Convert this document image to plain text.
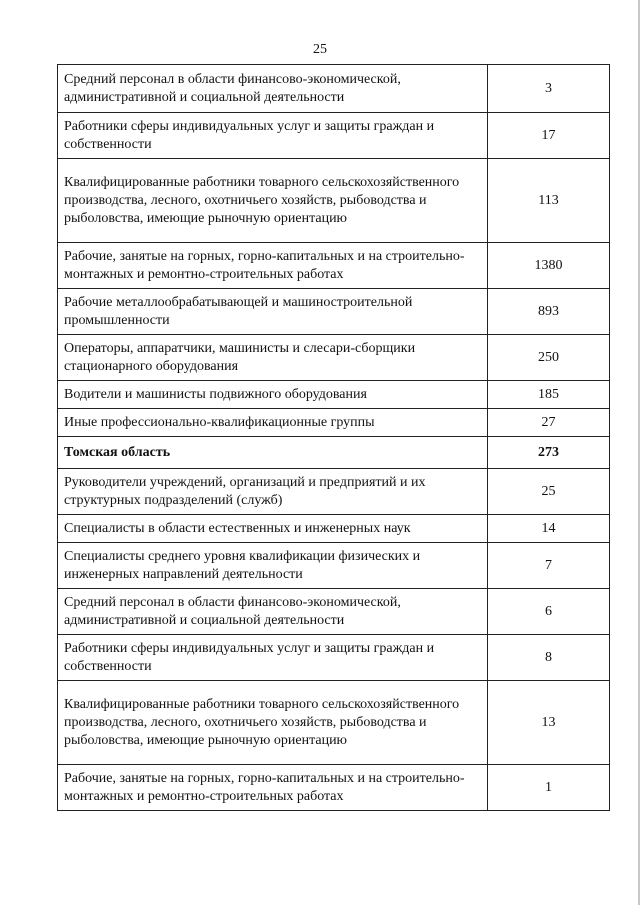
25
Средний персонал в области финансово-экономической, административной и социальной деятельности	3
Работники сферы индивидуальных услуг и защиты граждан и собственности	17
Квалифицированные работники товарного сельскохозяйственного производства, лесного, охотничьего хозяйств, рыбоводства и рыболовства, имеющие рыночную ориентацию	113
Рабочие, занятые на горных, горно-капитальных и на строительно-монтажных и ремонтно-строительных работах	1380
Рабочие металлообрабатывающей и машиностроительной промышленности	893
Операторы, аппаратчики, машинисты и слесари-сборщики стационарного оборудования	250
Водители и машинисты подвижного оборудования	185
Иные профессионально-квалификационные группы	27
Томская область	273
Руководители учреждений, организаций и предприятий и их структурных подразделений (служб)	25
Специалисты в области естественных и инженерных наук	14
Специалисты среднего уровня квалификации физических и инженерных направлений деятельности	7
Средний персонал в области финансово-экономической, административной и социальной деятельности	6
Работники сферы индивидуальных услуг и защиты граждан и собственности	8
Квалифицированные работники товарного сельскохозяйственного производства, лесного, охотничьего хозяйств, рыбоводства и рыболовства, имеющие рыночную ориентацию	13
Рабочие, занятые на горных, горно-капитальных и на строительно-монтажных и ремонтно-строительных работах	1
